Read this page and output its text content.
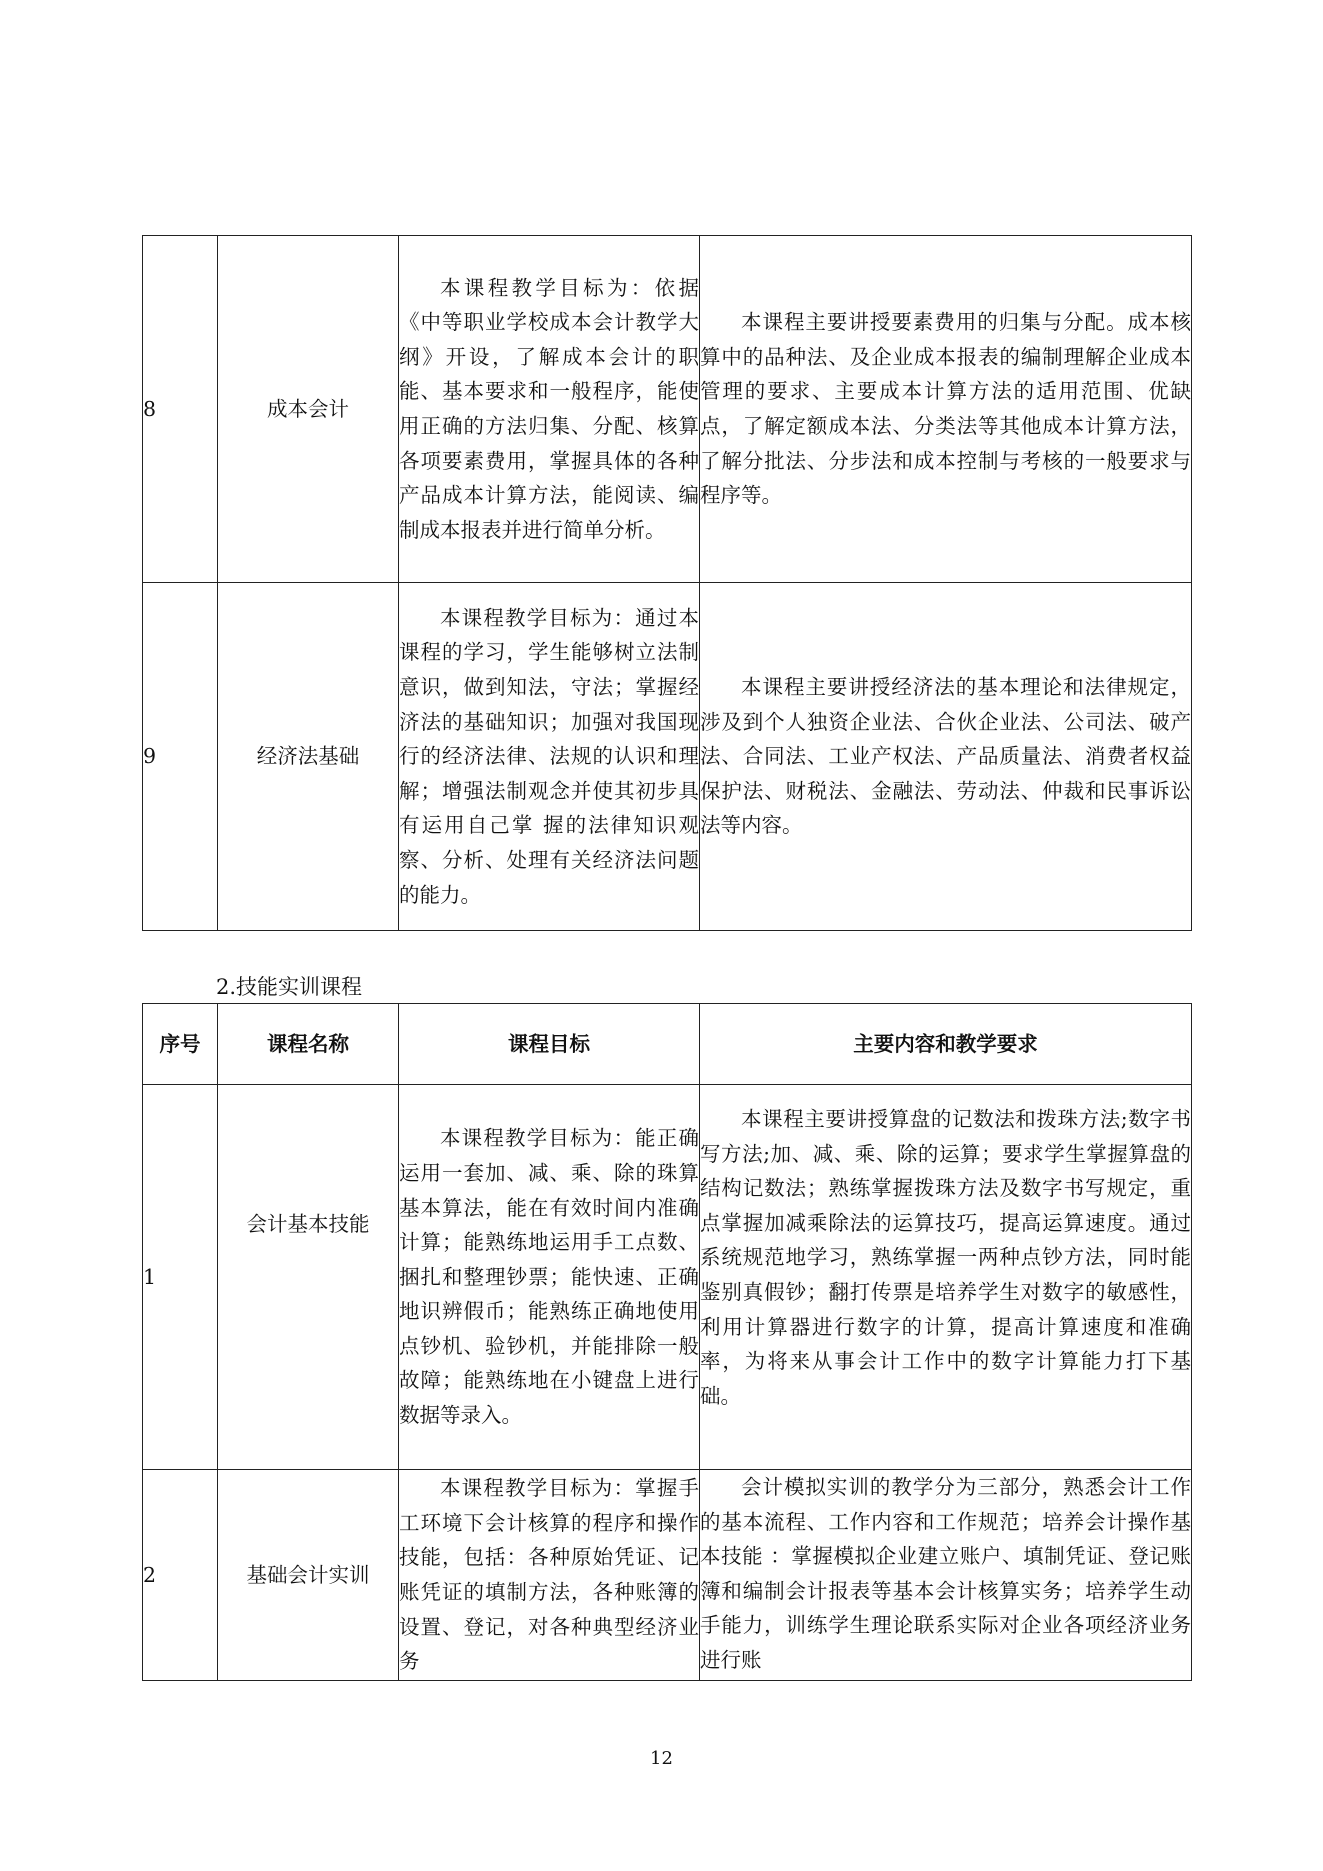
8	成本会计	本课程教学目标为：依据《中等职业学校成本会计教学大纲》开设，了解成本会计的职能、基本要求和一般程序，能使用正确的方法归集、分配、核算各项要素费用，掌握具体的各种产品成本计算方法，能阅读、编制成本报表并进行简单分析。	本课程主要讲授要素费用的归集与分配。成本核算中的品种法、及企业成本报表的编制理解企业成本管理的要求、主要成本计算方法的适用范围、优缺点，了解定额成本法、分类法等其他成本计算方法，了解分批法、分步法和成本控制与考核的一般要求与程序等。
9	经济法基础	本课程教学目标为：通过本课程的学习，学生能够树立法制意识，做到知法，守法；掌握经济法的基础知识；加强对我国现行的经济法律、法规的认识和理解；增强法制观念并使其初步具有运用自己掌 握的法律知识观察、分析、处理有关经济法问题的能力。	本课程主要讲授经济法的基本理论和法律规定，涉及到个人独资企业法、合伙企业法、公司法、破产法、合同法、工业产权法、产品质量法、消费者权益保护法、财税法、金融法、劳动法、仲裁和民事诉讼法等内容。
2.技能实训课程
序号	课程名称	课程目标	主要内容和教学要求
1	会计基本技能	本课程教学目标为：能正确运用一套加、减、乘、除的珠算基本算法，能在有效时间内准确计算；能熟练地运用手工点数、捆扎和整理钞票；能快速、正确地识辨假币；能熟练正确地使用点钞机、验钞机，并能排除一般故障；能熟练地在小键盘上进行数据等录入。	本课程主要讲授算盘的记数法和拨珠方法;数字书写方法;加、减、乘、除的运算；要求学生掌握算盘的结构记数法；熟练掌握拨珠方法及数字书写规定，重点掌握加减乘除法的运算技巧，提高运算速度。通过系统规范地学习，熟练掌握一两种点钞方法，同时能鉴别真假钞；翻打传票是培养学生对数字的敏感性，利用计算器进行数字的计算，提高计算速度和准确率，为将来从事会计工作中的数字计算能力打下基础。
2	基础会计实训	本课程教学目标为：掌握手工环境下会计核算的程序和操作技能，包括：各种原始凭证、记账凭证的填制方法，各种账簿的设置、登记，对各种典型经济业务	会计模拟实训的教学分为三部分，熟悉会计工作的基本流程、工作内容和工作规范；培养会计操作基本技能 ：掌握模拟企业建立账户、填制凭证、登记账簿和编制会计报表等基本会计核算实务；培养学生动手能力，训练学生理论联系实际对企业各项经济业务进行账
12
